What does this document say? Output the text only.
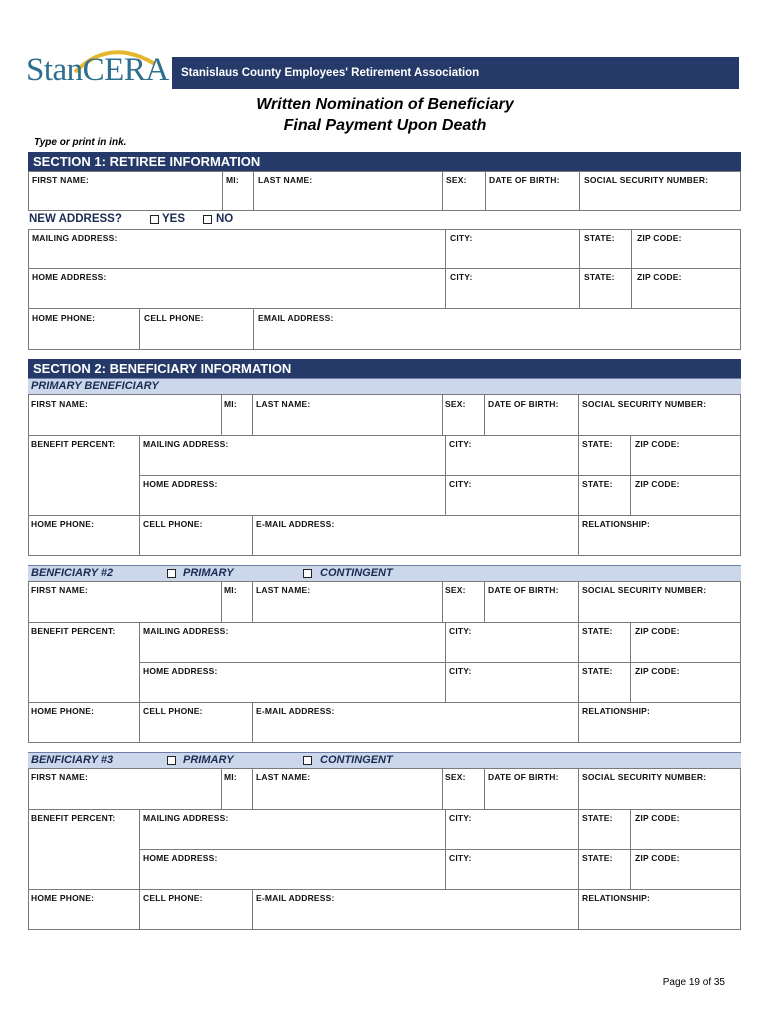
StanCERA Stanislaus County Employees' Retirement Association
Written Nomination of Beneficiary
Final Payment Upon Death
Type or print in ink.
SECTION 1: RETIREE INFORMATION
FIRST NAME:	MI: LAST NAME:	SEX:	DATE OF BIRTH:	SOCIAL SECURITY NUMBER:
NEW ADDRESS?	YES	NO
MAILING ADDRESS:	CITY:	STATE:	ZIP CODE:
HOME ADDRESS:	CITY:	STATE:	ZIP CODE:
HOME PHONE:	CELL PHONE:	EMAIL ADDRESS:
SECTION 2: BENEFICIARY INFORMATION
PRIMARY BENEFICIARY
FIRST NAME:	MI: LAST NAME:	SEX:	DATE OF BIRTH:	SOCIAL SECURITY NUMBER:
BENEFIT PERCENT:	MAILING ADDRESS:	CITY:	STATE:	ZIP CODE:
HOME ADDRESS:	CITY:	STATE:	ZIP CODE:
HOME PHONE:	CELL PHONE:	E-MAIL ADDRESS:	RELATIONSHIP:
BENFICIARY #2	PRIMARY	CONTINGENT
FIRST NAME:	MI: LAST NAME:	SEX:	DATE OF BIRTH:	SOCIAL SECURITY NUMBER:
BENEFIT PERCENT:	MAILING ADDRESS:	CITY:	STATE:	ZIP CODE:
HOME ADDRESS:	CITY:	STATE:	ZIP CODE:
HOME PHONE:	CELL PHONE:	E-MAIL ADDRESS:	RELATIONSHIP:
BENFICIARY #3	PRIMARY	CONTINGENT
FIRST NAME:	MI: LAST NAME:	SEX:	DATE OF BIRTH:	SOCIAL SECURITY NUMBER:
BENEFIT PERCENT:	MAILING ADDRESS:	CITY:	STATE:	ZIP CODE:
HOME ADDRESS:	CITY:	STATE:	ZIP CODE:
HOME PHONE:	CELL PHONE:	E-MAIL ADDRESS:	RELATIONSHIP:
Page 19 of 35
